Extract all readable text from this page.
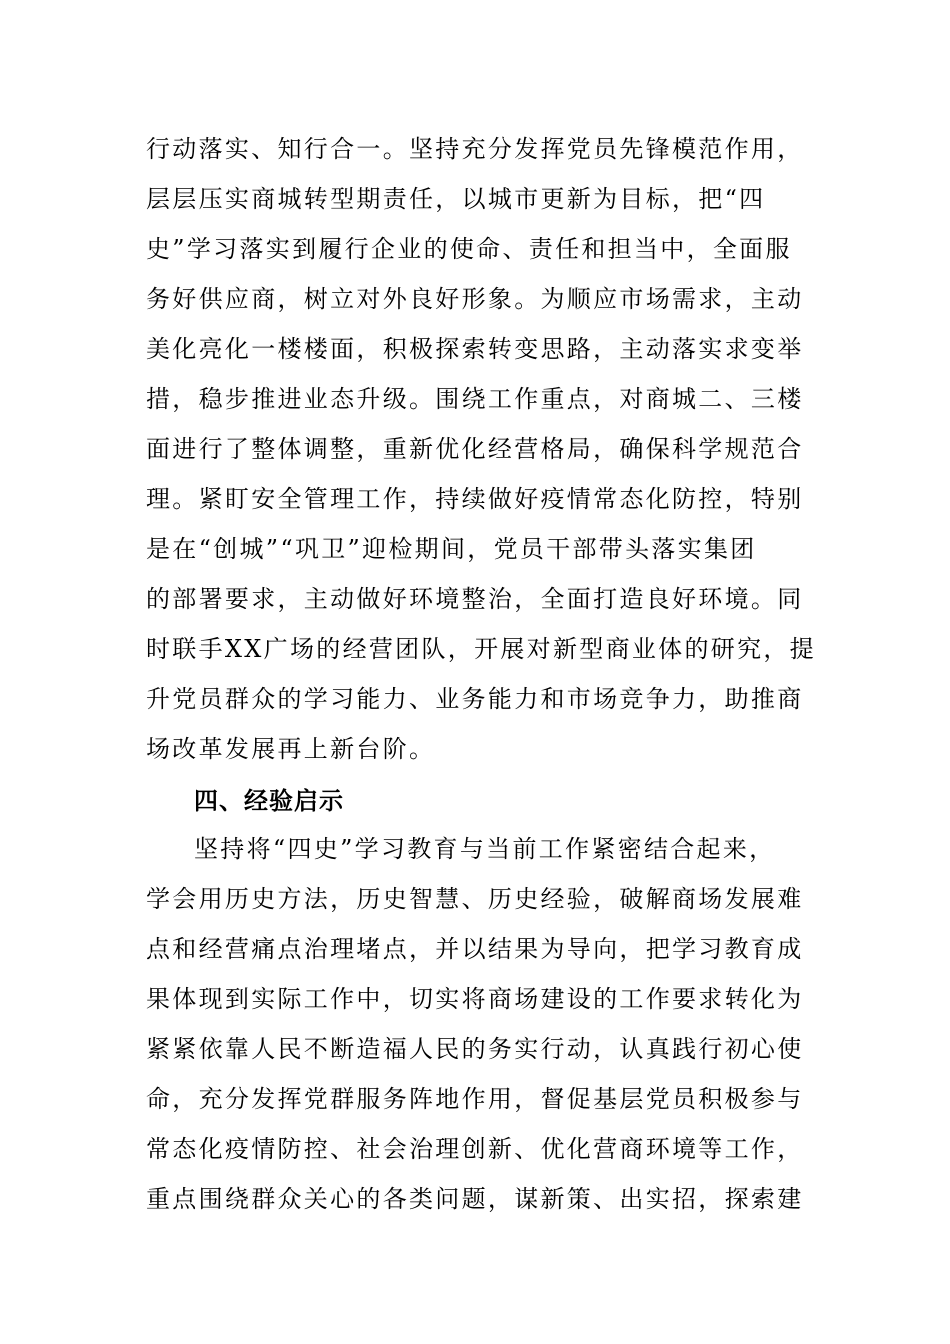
行动落实、知行合一。坚持充分发挥党员先锋模范作用，
层层压实商城转型期责任，以城市更新为目标，把“四
史”学习落实到履行企业的使命、责任和担当中，全面服
务好供应商，树立对外良好形象。为顺应市场需求，主动
美化亮化一楼楼面，积极探索转变思路，主动落实求变举
措，稳步推进业态升级。围绕工作重点，对商城二、三楼
面进行了整体调整，重新优化经营格局，确保科学规范合
理。紧盯安全管理工作，持续做好疫情常态化防控，特别
是在“创城”“巩卫”迎检期间，党员干部带头落实集团
的部署要求，主动做好环境整治，全面打造良好环境。同
时联手XX广场的经营团队，开展对新型商业体的研究，提
升党员群众的学习能力、业务能力和市场竞争力，助推商
场改革发展再上新台阶。
四、经验启示
坚持将“四史”学习教育与当前工作紧密结合起来，
学会用历史方法，历史智慧、历史经验，破解商场发展难
点和经营痛点治理堵点，并以结果为导向，把学习教育成
果体现到实际工作中，切实将商场建设的工作要求转化为
紧紧依靠人民不断造福人民的务实行动，认真践行初心使
命，充分发挥党群服务阵地作用，督促基层党员积极参与
常态化疫情防控、社会治理创新、优化营商环境等工作，
重点围绕群众关心的各类问题，谋新策、出实招，探索建
